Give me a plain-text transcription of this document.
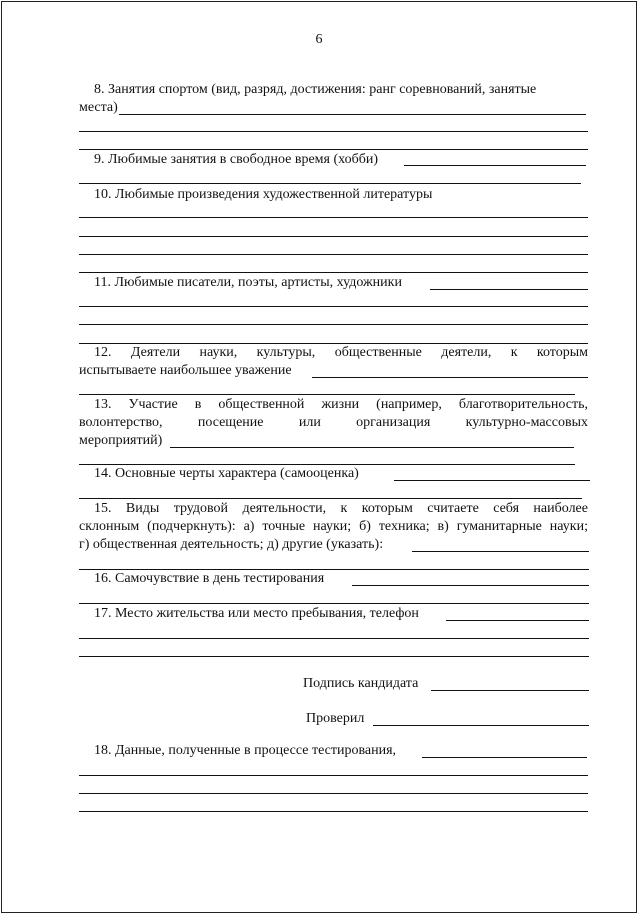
6
8. Занятия спортом (вид, разряд, достижения: ранг соревнований, занятые
места)
9. Любимые занятия в свободное время (хобби)
10. Любимые произведения художественной литературы
11. Любимые писатели, поэты, артисты, художники
12. Деятели науки, культуры, общественные деятели, к которым
испытываете наибольшее уважение
13. Участие в общественной жизни (например, благотворительность,
волонтерство, посещение или организация культурно-массовых
мероприятий)
14. Основные черты характера (самооценка)
15. Виды трудовой деятельности, к которым считаете себя наиболее
склонным (подчеркнуть): а) точные науки; б) техника; в) гуманитарные науки;
г) общественная деятельность; д) другие (указать):
16. Самочувствие в день тестирования
17. Место жительства или место пребывания, телефон
Подпись кандидата
Проверил
18. Данные, полученные в процессе тестирования,
